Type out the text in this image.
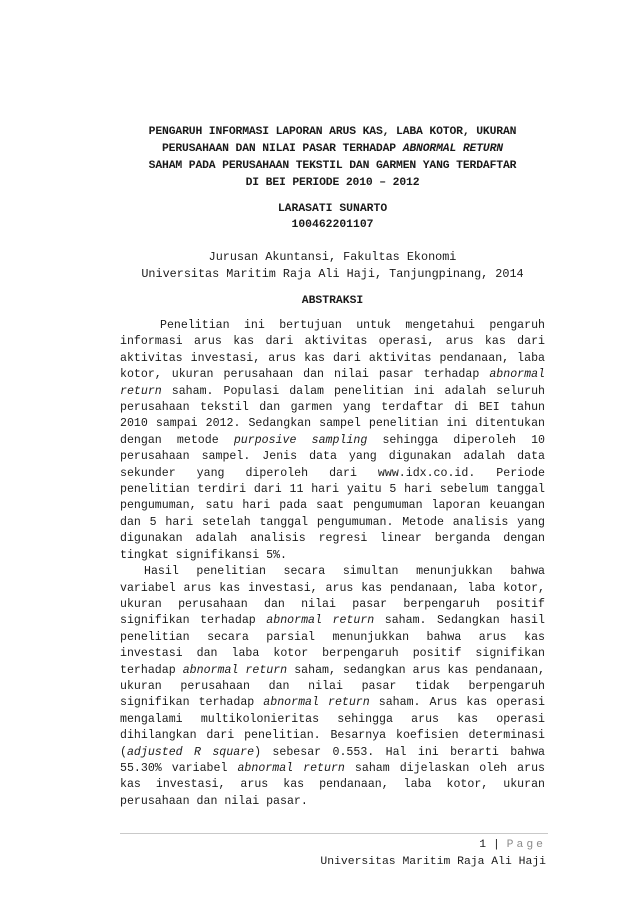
PENGARUH INFORMASI LAPORAN ARUS KAS, LABA KOTOR, UKURAN
PERUSAHAAN DAN NILAI PASAR TERHADAP ABNORMAL RETURN
SAHAM PADA PERUSAHAAN TEKSTIL DAN GARMEN YANG TERDAFTAR
DI BEI PERIODE 2010 – 2012
LARASATI SUNARTO
100462201107
Jurusan Akuntansi, Fakultas Ekonomi
Universitas Maritim Raja Ali Haji, Tanjungpinang, 2014
ABSTRAKSI

Penelitian ini bertujuan untuk mengetahui pengaruh informasi arus kas dari aktivitas operasi, arus kas dari aktivitas investasi, arus kas dari aktivitas pendanaan, laba kotor, ukuran perusahaan dan nilai pasar terhadap abnormal return saham. Populasi dalam penelitian ini adalah seluruh perusahaan tekstil dan garmen yang terdaftar di BEI tahun 2010 sampai 2012. Sedangkan sampel penelitian ini ditentukan dengan metode purposive sampling sehingga diperoleh 10 perusahaan sampel. Jenis data yang digunakan adalah data sekunder yang diperoleh dari www.idx.co.id. Periode penelitian terdiri dari 11 hari yaitu 5 hari sebelum tanggal pengumuman, satu hari pada saat pengumuman laporan keuangan dan 5 hari setelah tanggal pengumuman. Metode analisis yang digunakan adalah analisis regresi linear berganda dengan tingkat signifikansi 5%.

Hasil penelitian secara simultan menunjukkan bahwa variabel arus kas investasi, arus kas pendanaan, laba kotor, ukuran perusahaan dan nilai pasar berpengaruh positif signifikan terhadap abnormal return saham. Sedangkan hasil penelitian secara parsial menunjukkan bahwa arus kas investasi dan laba kotor berpengaruh positif signifikan terhadap abnormal return saham, sedangkan arus kas pendanaan, ukuran perusahaan dan nilai pasar tidak berpengaruh signifikan terhadap abnormal return saham. Arus kas operasi mengalami multikolonieritas sehingga arus kas operasi dihilangkan dari penelitian. Besarnya koefisien determinasi (adjusted R square) sebesar 0.553. Hal ini berarti bahwa 55.30% variabel abnormal return saham dijelaskan oleh arus kas investasi, arus kas pendanaan, laba kotor, ukuran perusahaan dan nilai pasar.

1 | Page
Universitas Maritim Raja Ali Haji
